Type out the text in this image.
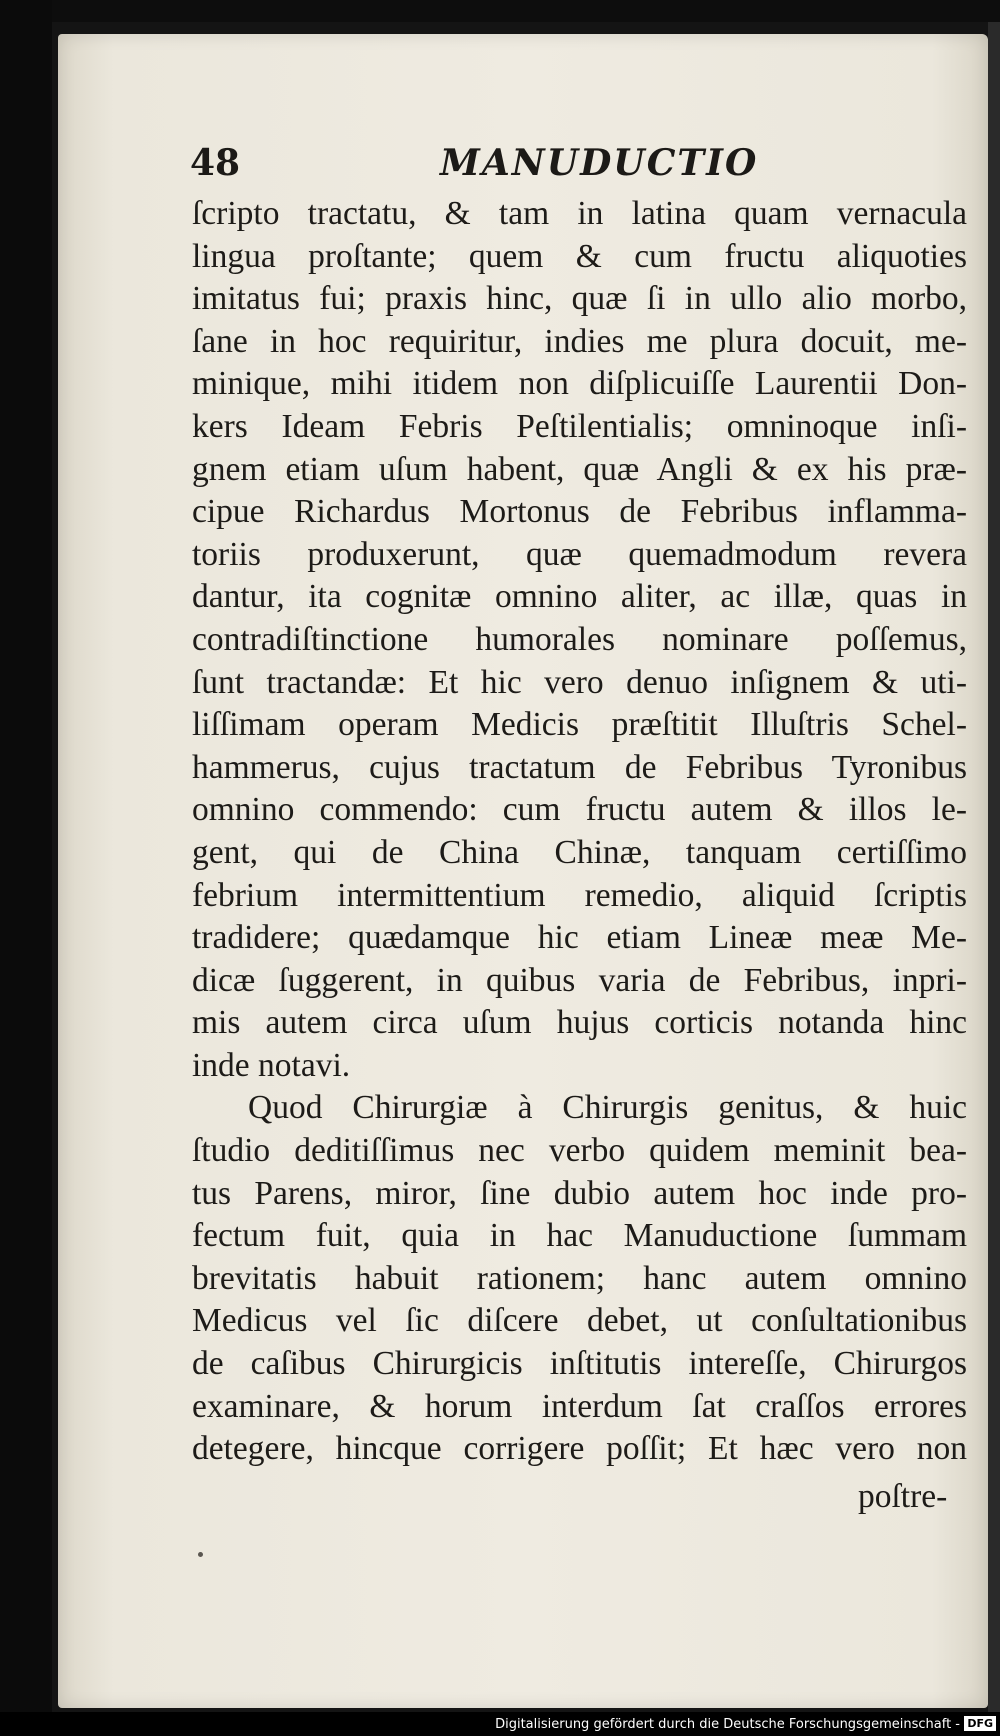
48	MANUDUCTIO
ſcripto tractatu, & tam in latina quam vernacula
lingua proſtante; quem & cum fructu aliquoties
imitatus fui; praxis hinc, quæ ſi in ullo alio morbo,
ſane in hoc requiritur, indies me plura docuit, me-
minique, mihi itidem non diſplicuiſſe Laurentii Don-
kers Ideam Febris Peſtilentialis; omninoque inſi-
gnem etiam uſum habent, quæ Angli & ex his præ-
cipue Richardus Mortonus de Febribus inflamma-
toriis produxerunt, quæ quemadmodum revera
dantur, ita cognitæ omnino aliter, ac illæ, quas in
contradiſtinctione humorales nominare poſſemus,
ſunt tractandæ: Et hic vero denuo inſignem & uti-
liſſimam operam Medicis præſtitit Illuſtris Schel-
hammerus, cujus tractatum de Febribus Tyronibus
omnino commendo: cum fructu autem & illos le-
gent, qui de China Chinæ, tanquam certiſſimo
febrium intermittentium remedio, aliquid ſcriptis
tradidere; quædamque hic etiam Lineæ meæ Me-
dicæ ſuggerent, in quibus varia de Febribus, inpri-
mis autem circa uſum hujus corticis notanda hinc
inde notavi.
Quod Chirurgiæ à Chirurgis genitus, & huic
ſtudio deditiſſimus nec verbo quidem meminit bea-
tus Parens, miror, ſine dubio autem hoc inde pro-
fectum fuit, quia in hac Manuductione ſummam
brevitatis habuit rationem; hanc autem omnino
Medicus vel ſic diſcere debet, ut conſultationibus
de caſibus Chirurgicis inſtitutis intereſſe, Chirurgos
examinare, & horum interdum ſat craſſos errores
detegere, hincque corrigere poſſit; Et hæc vero non
poſtre-
Digitalisierung gefördert durch die Deutsche Forschungsgemeinschaft - DFG
